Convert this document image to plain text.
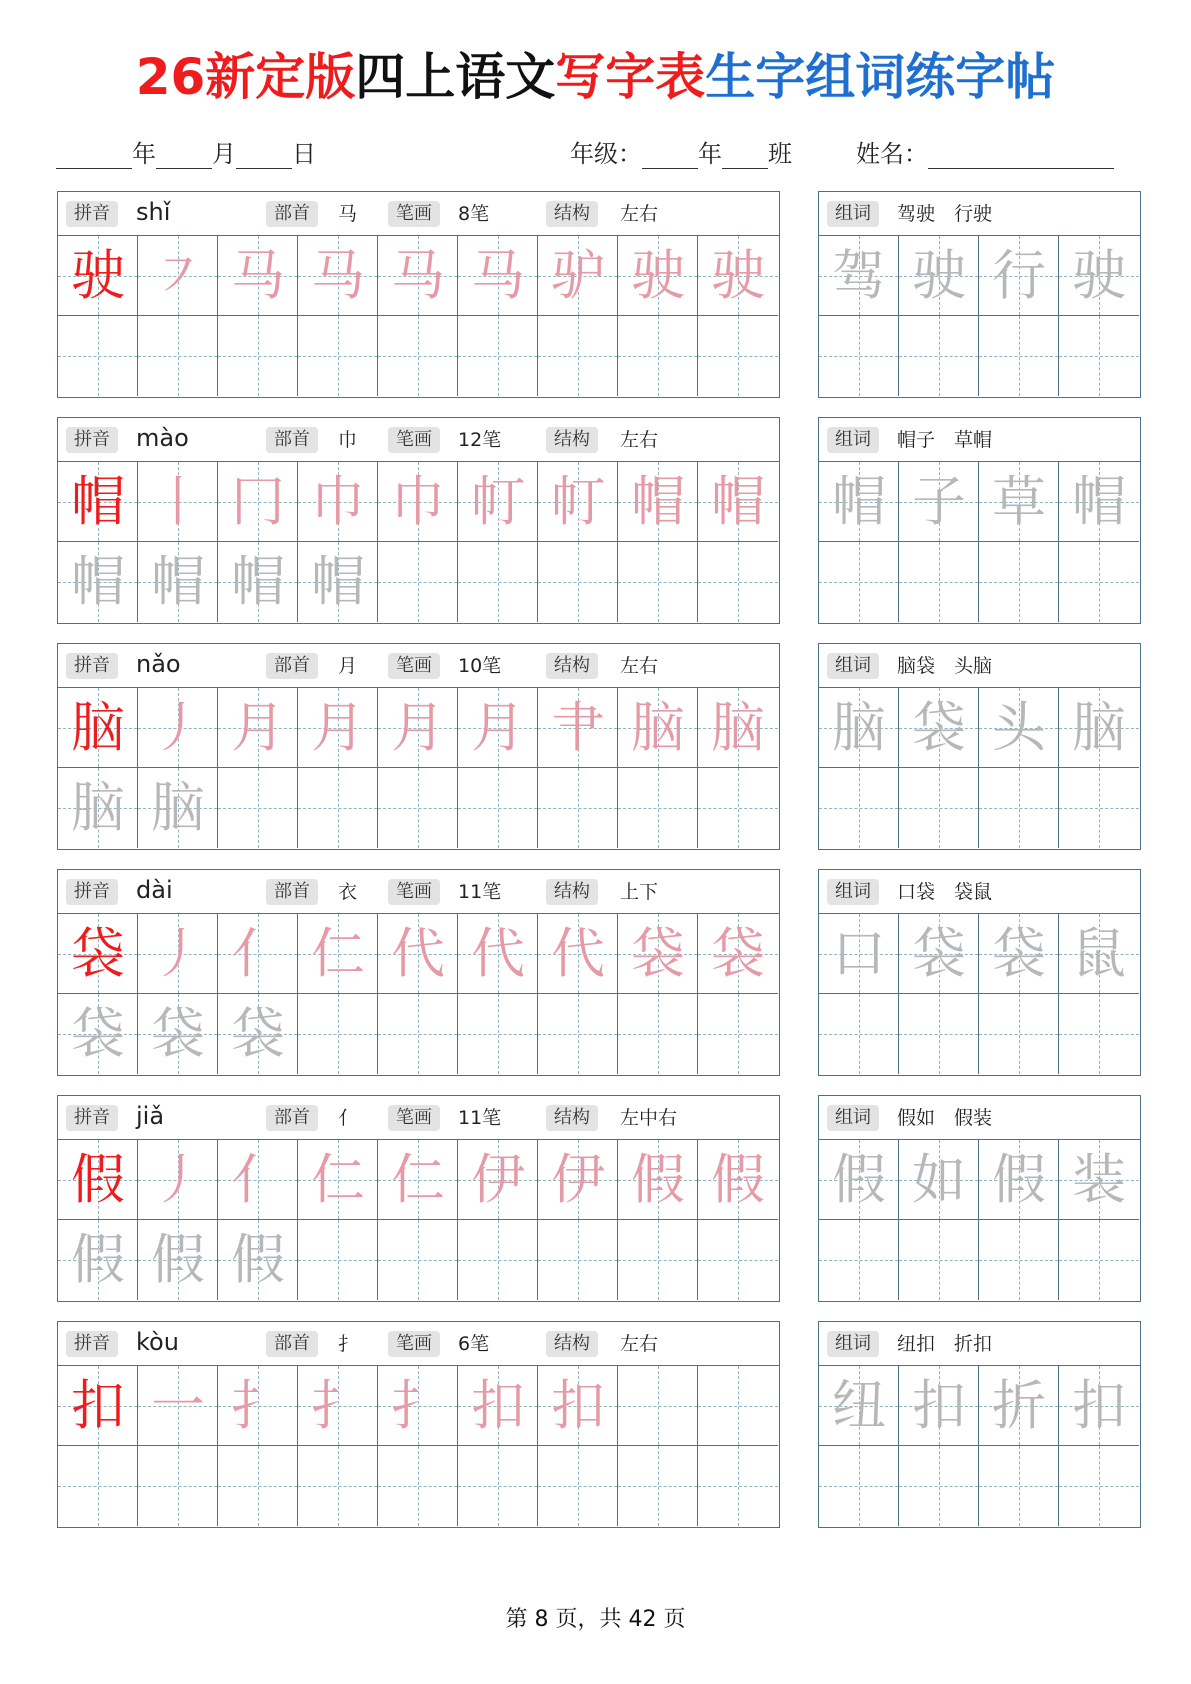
26新定版四上语文写字表生字组词练字帖
年 月 日	年级： 年 班	姓名：
拼音	shǐ	部首	马	笔画	8笔	结构	左右
驶 ㇇ 马 马 马 马 驴 驶 驶
组词	驾驶　行驶
驾 驶 行 驶
拼音	mào	部首	巾	笔画	12笔	结构	左右
帽 丨 冂 巾 巾 帄 帄 帽 帽
帽 帽 帽 帽
组词	帽子　草帽
帽 子 草 帽
拼音	nǎo	部首	月	笔画	10笔	结构	左右
脑 丿 月 月 月 月 肀 脑 脑
脑 脑
组词	脑袋　头脑
脑 袋 头 脑
拼音	dài	部首	衣	笔画	11笔	结构	上下
袋 丿 亻 仁 代 代 代 袋 袋
袋 袋 袋
组词	口袋　袋鼠
口 袋 袋 鼠
拼音	jiǎ	部首	亻	笔画	11笔	结构	左中右
假 丿 亻 仁 仁 伊 伊 假 假
假 假 假
组词	假如　假装
假 如 假 装
拼音	kòu	部首	扌	笔画	6笔	结构	左右
扣 一 扌 扌 扌 扣 扣
组词	纽扣　折扣
纽 扣 折 扣
第 8 页，共 42 页
